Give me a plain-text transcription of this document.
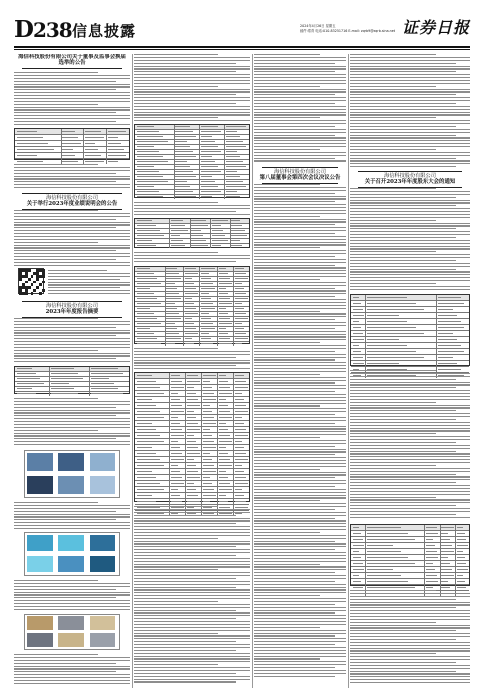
D238 信息披露	2024年4月26日 星期五
邮件:郑青 电话:010-83251716 E-mail: zqrb9@zqrb.sina.net 证券日报
海信科技股份有限公司关于董事及监事会换届
选举的公告
海信科技股份有限公司
关于举行2023年度业绩说明会的公告
海信科技股份有限公司
2023年年度报告摘要
海信科技股份有限公司
第八届董事会第四次会议决议公告	海信科技股份有限公司
关于召开2023年年度股东大会的通知
